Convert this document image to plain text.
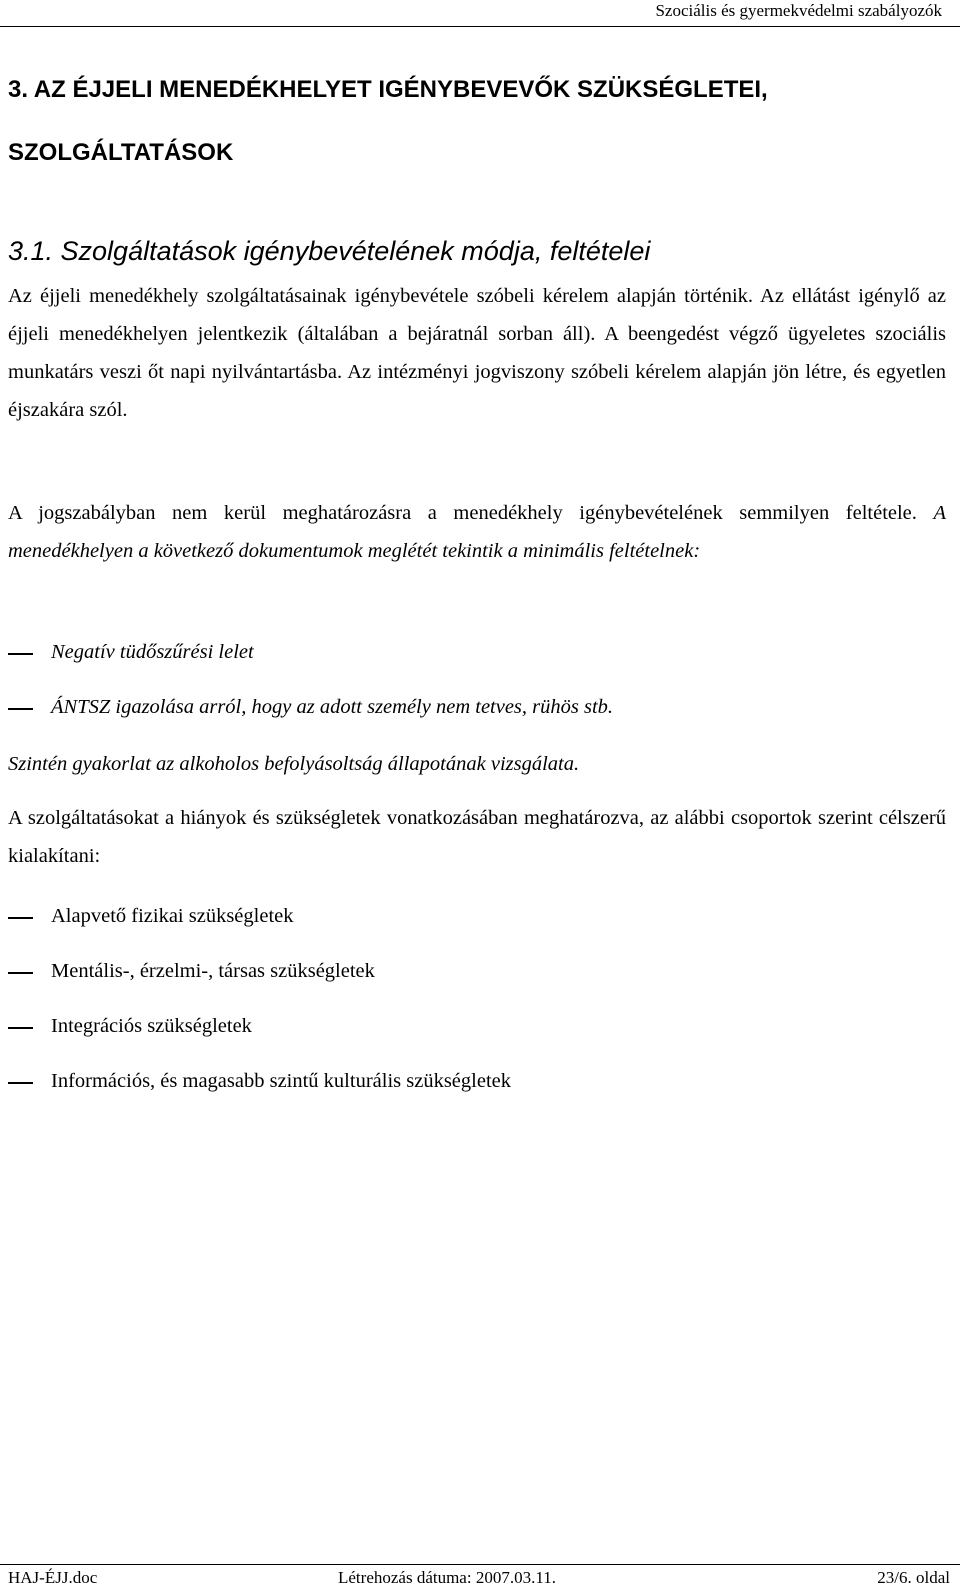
Szociális és gyermekvédelmi szabályozók
3. AZ ÉJJELI MENEDÉKHELYET IGÉNYBEVEVŐK SZÜKSÉGLETEI, SZOLGÁLTATÁSOK
3.1. Szolgáltatások igénybevételének módja, feltételei

Az éjjeli menedékhely szolgáltatásainak igénybevétele szóbeli kérelem alapján történik. Az ellátást igénylő az éjjeli menedékhelyen jelentkezik (általában a bejáratnál sorban áll). A beengedést végző ügyeletes szociális munkatárs veszi őt napi nyilvántartásba. Az intézményi jogviszony szóbeli kérelem alapján jön létre, és egyetlen éjszakára szól.

A jogszabályban nem kerül meghatározásra a menedékhely igénybevételének semmilyen feltétele. A menedékhelyen a következő dokumentumok meglétét tekintik a minimális feltételnek:

Negatív tüdőszűrési lelet
ÁNTSZ igazolása arról, hogy az adott személy nem tetves, rühös stb.

Szintén gyakorlat az alkoholos befolyásoltság állapotának vizsgálata.

A szolgáltatásokat a hiányok és szükségletek vonatkozásában meghatározva, az alábbi csoportok szerint célszerű kialakítani:

Alapvető fizikai szükségletek
Mentális-, érzelmi-, társas szükségletek
Integrációs szükségletek
Információs, és magasabb szintű kulturális szükségletek
HAJ-ÉJJ.doc	Létrehozás dátuma: 2007.03.11.	23/6. oldal
